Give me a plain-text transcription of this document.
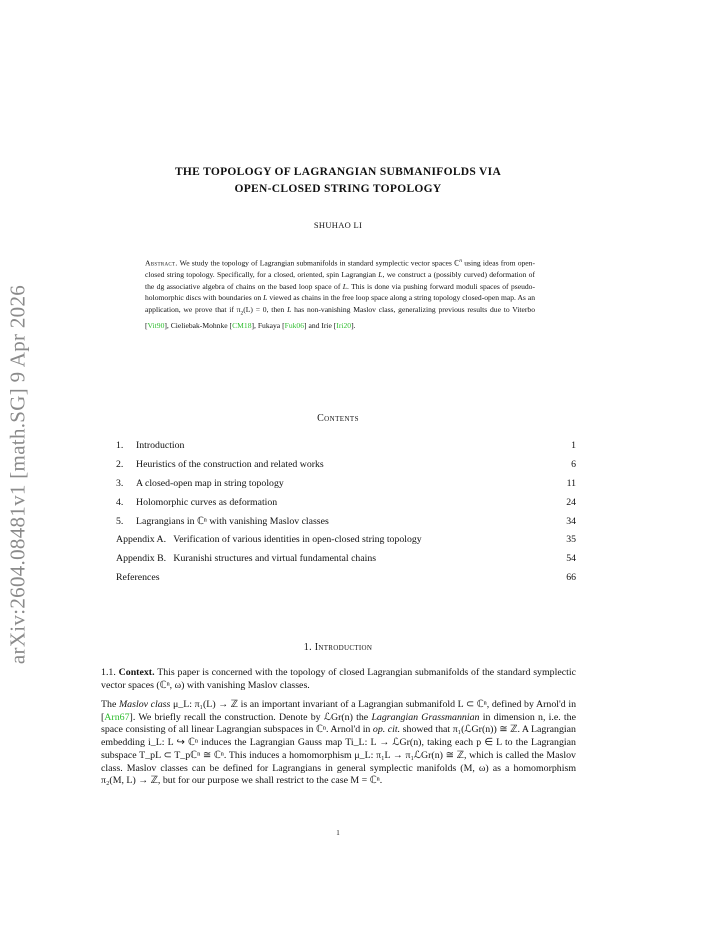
arXiv:2604.08481v1 [math.SG] 9 Apr 2026
THE TOPOLOGY OF LAGRANGIAN SUBMANIFOLDS VIA
OPEN-CLOSED STRING TOPOLOGY
SHUHAO LI
Abstract. We study the topology of Lagrangian submanifolds in standard symplectic vector spaces ℂ$^n$ using ideas from open-closed string topology. Specifically, for a closed, oriented, spin Lagrangian L, we construct a (possibly curved) deformation of the dg associative algebra of chains on the based loop space of L. This is done via pushing forward moduli spaces of pseudo-holomorphic discs with boundaries on L viewed as chains in the free loop space along a string topology closed-open map. As an application, we prove that if $\pi_2(L) = 0$, then L has non-vanishing Maslov class, generalizing previous results due to Viterbo [Vit90], Cieliebak-Mohnke [CM18], Fukaya [Fuk06] and Irie [Iri20].
Contents
1. Introduction	1
2. Heuristics of the construction and related works	6
3. A closed-open map in string topology	11
4. Holomorphic curves as deformation	24
5. Lagrangians in ℂⁿ with vanishing Maslov classes	34
Appendix A.   Verification of various identities in open-closed string topology	35
Appendix B.   Kuranishi structures and virtual fundamental chains	54
References	66
1. Introduction
1.1. Context. This paper is concerned with the topology of closed Lagrangian submanifolds of the standard symplectic vector spaces (ℂⁿ, ω) with vanishing Maslov classes.
The Maslov class μ_L: π₁(L) → ℤ is an important invariant of a Lagrangian submanifold L ⊂ ℂⁿ, defined by Arnol'd in [Arn67]. We briefly recall the construction. Denote by ℒGr(n) the Lagrangian Grassmannian in dimension n, i.e. the space consisting of all linear Lagrangian subspaces in ℂⁿ. Arnol'd in op. cit. showed that π₁(ℒGr(n)) ≅ ℤ. A Lagrangian embedding i_L: L ↪ ℂⁿ induces the Lagrangian Gauss map Ti_L: L → ℒGr(n), taking each p ∈ L to the Lagrangian subspace T_pL ⊂ T_pℂⁿ ≅ ℂⁿ. This induces a homomorphism μ_L: π₁L → π₁ℒGr(n) ≅ ℤ, which is called the Maslov class. Maslov classes can be defined for Lagrangians in general symplectic manifolds (M, ω) as a homomorphism π₂(M, L) → ℤ, but for our purpose we shall restrict to the case M = ℂⁿ.
1
